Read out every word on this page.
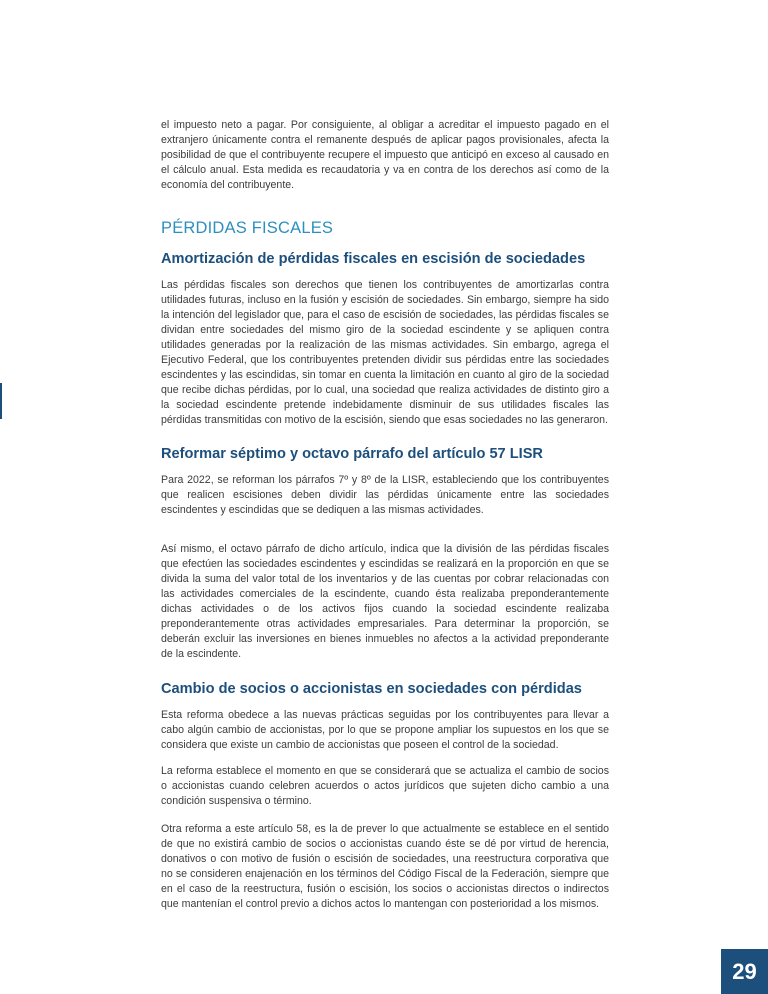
el impuesto neto a pagar. Por consiguiente, al obligar a acreditar el impuesto pagado en el extranjero únicamente contra el remanente después de aplicar pagos provisionales, afecta la posibilidad de que el contribuyente recupere el impuesto que anticipó en exceso al causado en el cálculo anual. Esta medida es recaudatoria y va en contra de los derechos así como de la economía del contribuyente.

PÉRDIDAS FISCALES
Amortización de pérdidas fiscales en escisión de sociedades

Las pérdidas fiscales son derechos que tienen los contribuyentes de amortizarlas contra utilidades futuras, incluso en la fusión y escisión de sociedades. Sin embargo, siempre ha sido la intención del legislador que, para el caso de escisión de sociedades, las pérdidas fiscales se dividan entre sociedades del mismo giro de la sociedad escindente y se apliquen contra utilidades generadas por la realización de las mismas actividades. Sin embargo, agrega el Ejecutivo Federal, que los contribuyentes pretenden dividir sus pérdidas entre las sociedades escindentes y las escindidas, sin tomar en cuenta la limitación en cuanto al giro de la sociedad que recibe dichas pérdidas, por lo cual, una sociedad que realiza actividades de distinto giro a la sociedad escindente pretende indebidamente disminuir de sus utilidades fiscales las pérdidas transmitidas con motivo de la escisión, siendo que esas sociedades no las generaron.

Reformar séptimo y octavo párrafo del artículo 57 LISR

Para 2022, se reforman los párrafos 7º y 8º de la LISR, estableciendo que los contribuyentes que realicen escisiones deben dividir las pérdidas únicamente entre las sociedades escindentes y escindidas que se dediquen a las mismas actividades.

Así mismo, el octavo párrafo de dicho artículo, indica que la división de las pérdidas fiscales que efectúen las sociedades escindentes y escindidas se realizará en la proporción en que se divida la suma del valor total de los inventarios y de las cuentas por cobrar relacionadas con las actividades comerciales de la escindente, cuando ésta realizaba preponderantemente dichas actividades o de los activos fijos cuando la sociedad escindente realizaba preponderantemente otras actividades empresariales. Para determinar la proporción, se deberán excluir las inversiones en bienes inmuebles no afectos a la actividad preponderante de la escindente.

Cambio de socios o accionistas en sociedades con pérdidas

Esta reforma obedece a las nuevas prácticas seguidas por los contribuyentes para llevar a cabo algún cambio de accionistas, por lo que se propone ampliar los supuestos en los que se considera que existe un cambio de accionistas que poseen el control de la sociedad.

La reforma establece el momento en que se considerará que se actualiza el cambio de socios o accionistas cuando celebren acuerdos o actos jurídicos que sujeten dicho cambio a una condición suspensiva o término.

Otra reforma a este artículo 58, es la de prever lo que actualmente se establece en el sentido de que no existirá cambio de socios o accionistas cuando éste se dé por virtud de herencia, donativos o con motivo de fusión o escisión de sociedades, una reestructura corporativa que no se consideren enajenación en los términos del Código Fiscal de la Federación, siempre que en el caso de la reestructura, fusión o escisión, los socios o accionistas directos o indirectos que mantenían el control previo a dichos actos lo mantengan con posterioridad a los mismos.

29
